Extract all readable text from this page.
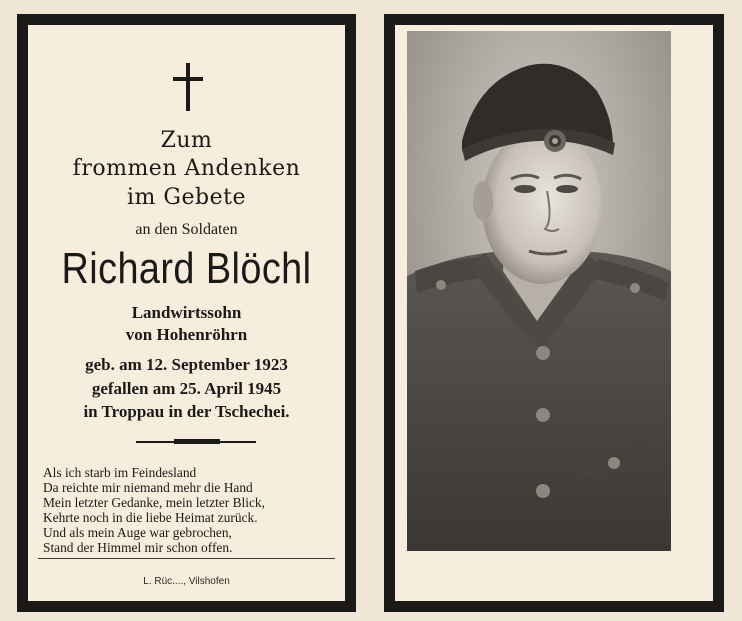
Zum
frommen Andenken
im Gebete
an den Soldaten
Richard Blöchl
Landwirtssohn
von Hohenröhrn
geb. am 12. September 1923
gefallen am 25. April 1945
in Troppau in der Tschechei.
Als ich starb im Feindesland
Da reichte mir niemand mehr die Hand
Mein letzter Gedanke, mein letzter Blick,
Kehrte noch in die liebe Heimat zurück.
Und als mein Auge war gebrochen,
Stand der Himmel mir schon offen.
L. Rüc...., Vilshofen
